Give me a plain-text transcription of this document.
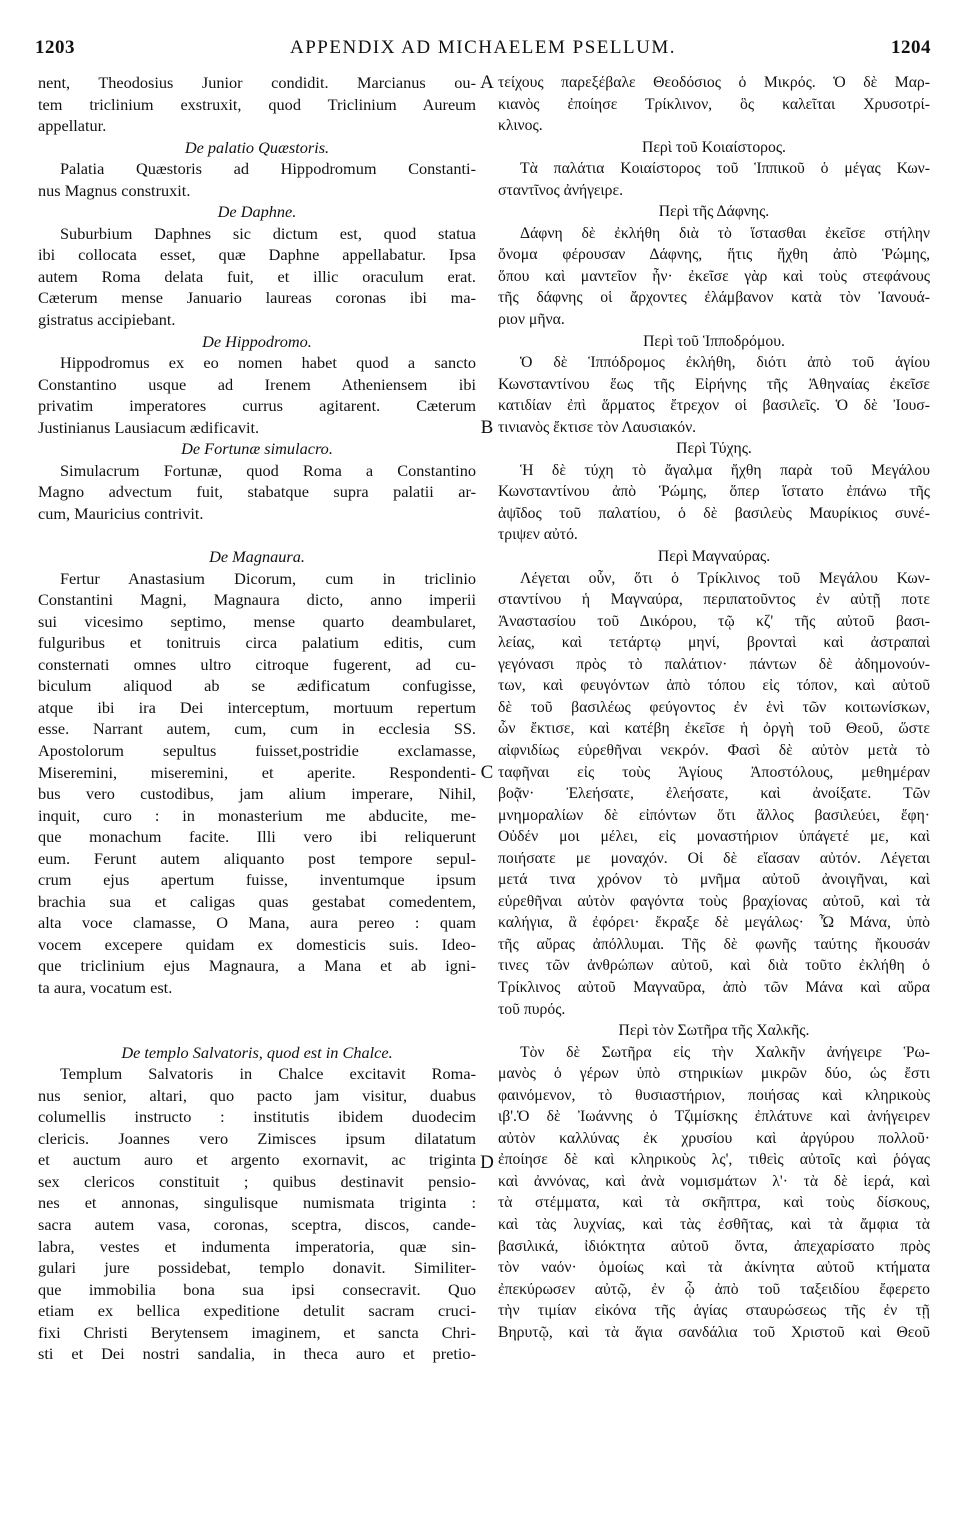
1203	APPENDIX AD MICHAELEM PSELLUM.	1204
A
B
C
D
nent, Theodosius Junior condidit. Marcianus ou-
tem triclinium exstruxit, quod Triclinium Aureum
appellatur.
De palatio Quæstoris.
Palatia Quæstoris ad Hippodromum Constanti-
nus Magnus construxit.
De Daphne.
Suburbium Daphnes sic dictum est, quod statua
ibi collocata esset, quæ Daphne appellabatur. Ipsa
autem Roma delata fuit, et illic oraculum erat.
Cæterum mense Januario laureas coronas ibi ma-
gistratus accipiebant.
De Hippodromo.
Hippodromus ex eo nomen habet quod a sancto
Constantino usque ad Irenem Atheniensem ibi
privatim imperatores currus agitarent. Cæterum
Justinianus Lausiacum ædificavit.
De Fortunæ simulacro.
Simulacrum Fortunæ, quod Roma a Constantino
Magno advectum fuit, stabatque supra palatii ar-
cum, Mauricius contrivit.
De Magnaura.
Fertur Anastasium Dicorum, cum in triclinio
Constantini Magni, Magnaura dicto, anno imperii
sui vicesimo septimo, mense quarto deambularet,
fulguribus et tonitruis circa palatium editis, cum
consternati omnes ultro citroque fugerent, ad cu-
biculum aliquod ab se ædificatum confugisse,
atque ibi ira Dei interceptum, mortuum repertum
esse. Narrant autem, cum, cum in ecclesia SS.
Apostolorum sepultus fuisset,postridie exclamasse,
Miseremini, miseremini, et aperite. Respondenti-
bus vero custodibus, jam alium imperare, Nihil,
inquit, curo : in monasterium me abducite, me-
que monachum facite. Illi vero ibi reliquerunt
eum. Ferunt autem aliquanto post tempore sepul-
crum ejus apertum fuisse, inventumque ipsum
brachia sua et caligas quas gestabat comedentem,
alta voce clamasse, O Mana, aura pereo : quam
vocem excepere quidam ex domesticis suis. Ideo-
que triclinium ejus Magnaura, a Mana et ab igni-
ta aura, vocatum est.
De templo Salvatoris, quod est in Chalce.
Templum Salvatoris in Chalce excitavit Roma-
nus senior, altari, quo pacto jam visitur, duabus
columellis instructo : institutis ibidem duodecim
clericis. Joannes vero Zimisces ipsum dilatatum
et auctum auro et argento exornavit, ac triginta
sex clericos constituit ; quibus destinavit pensio-
nes et annonas, singulisque numismata triginta :
sacra autem vasa, coronas, sceptra, discos, cande-
labra, vestes et indumenta imperatoria, quæ sin-
gulari jure possidebat, templo donavit. Similiter-
que immobilia bona sua ipsi consecravit. Quo
etiam ex bellica expeditione detulit sacram cruci-
fixi Christi Berytensem imaginem, et sancta Chri-
sti et Dei nostri sandalia, in theca auro et pretio-
τείχους παρεξέβαλε Θεοδόσιος ὁ Μικρός. Ὁ δὲ Μαρ-
κιανὸς ἐποίησε Τρίκλινον, ὃς καλεῖται Χρυσοτρί-
κλινος.
Περὶ τοῦ Κοιαίστορος.
Τὰ παλάτια Κοιαίστορος τοῦ Ἱππικοῦ ὁ μέγας Κων-
σταντῖνος ἀνήγειρε.
Περὶ τῆς Δάφνης.
Δάφνη δὲ ἐκλήθη διὰ τὸ ἵστασθαι ἐκεῖσε στήλην
ὄνομα φέρουσαν Δάφνης, ἥτις ἤχθη ἀπὸ Ῥώμης,
ὅπου καὶ μαντεῖον ἦν· ἐκεῖσε γὰρ καὶ τοὺς στεφάνους
τῆς δάφνης οἱ ἄρχοντες ἐλάμβανον κατὰ τὸν Ἰανουά-
ριον μῆνα.
Περὶ τοῦ Ἱπποδρόμου.
Ὁ δὲ Ἱππόδρομος ἐκλήθη, διότι ἀπὸ τοῦ ἁγίου
Κωνσταντίνου ἕως τῆς Εἰρήνης τῆς Ἀθηναίας ἐκεῖσε
κατιδίαν ἐπὶ ἅρματος ἔτρεχον οἱ βασιλεῖς. Ὁ δὲ Ἰουσ-
τινιανὸς ἔκτισε τὸν Λαυσιακόν.
Περὶ Τύχης.
Ἡ δὲ τύχη τὸ ἄγαλμα ἤχθη παρὰ τοῦ Μεγάλου
Κωνσταντίνου ἀπὸ Ῥώμης, ὅπερ ἵστατο ἐπάνω τῆς
ἀψῖδος τοῦ παλατίου, ὁ δὲ βασιλεὺς Μαυρίκιος συνέ-
τριψεν αὐτό.
Περὶ Μαγναύρας.
Λέγεται οὖν, ὅτι ὁ Τρίκλινος τοῦ Μεγάλου Κων-
σταντίνου ἡ Μαγναύρα, περιπατοῦντος ἐν αὐτῇ ποτε
Ἀναστασίου τοῦ Δικόρου, τῷ κζ' τῆς αὐτοῦ βασι-
λείας, καὶ τετάρτῳ μηνί, βρονταὶ καὶ ἀστραπαὶ
γεγόνασι πρὸς τὸ παλάτιον· πάντων δὲ ἀδημονούν-
των, καὶ φευγόντων ἀπὸ τόπου εἰς τόπον, καὶ αὐτοῦ
δὲ τοῦ βασιλέως φεύγοντος ἐν ἑνὶ τῶν κοιτωνίσκων,
ὧν ἔκτισε, καὶ κατέβη ἐκεῖσε ἡ ὀργὴ τοῦ Θεοῦ, ὥστε
αἰφνιδίως εὑρεθῆναι νεκρόν. Φασὶ δὲ αὐτὸν μετὰ τὸ
ταφῆναι εἰς τοὺς Ἁγίους Ἀποστόλους, μεθημέραν
βοᾷν· Ἐλεήσατε, ἐλεήσατε, καὶ ἀνοίξατε. Τῶν
μνημοραλίων δὲ εἰπόντων ὅτι ἄλλος βασιλεύει, ἔφη·
Οὐδέν μοι μέλει, εἰς μοναστήριον ὑπάγετέ με, καὶ
ποιήσατε με μοναχόν. Οἱ δὲ εἴασαν αὐτόν. Λέγεται
μετά τινα χρόνον τὸ μνῆμα αὐτοῦ ἀνοιγῆναι, καὶ
εὑρεθῆναι αὐτὸν φαγόντα τοὺς βραχίονας αὐτοῦ, καὶ τὰ
καλήγια, ἃ ἐφόρει· ἔκραξε δὲ μεγάλως· Ὦ Μάνα, ὑπὸ
τῆς αὔρας ἀπόλλυμαι. Τῆς δὲ φωνῆς ταύτης ἤκουσάν
τινες τῶν ἀνθρώπων αὐτοῦ, καὶ διὰ τοῦτο ἐκλήθη ὁ
Τρίκλινος αὐτοῦ Μαγναῦρα, ἀπὸ τῶν Μάνα καὶ αὔρα
τοῦ πυρός.
Περὶ τὸν Σωτῆρα τῆς Χαλκῆς.
Τὸν δὲ Σωτῆρα εἰς τὴν Χαλκῆν ἀνήγειρε Ῥω-
μανὸς ὁ γέρων ὑπὸ στηρικίων μικρῶν δύο, ὡς ἔστι
φαινόμενον, τὸ θυσιαστήριον, ποιήσας καὶ κληρικοὺς
ιβ'.Ὁ δὲ Ἰωάννης ὁ Τζιμίσκης ἐπλάτυνε καὶ ἀνήγειρεν
αὐτὸν καλλύνας ἐκ χρυσίου καὶ ἀργύρου πολλοῦ·
ἐποίησε δὲ καὶ κληρικοὺς λς', τιθεὶς αὐτοῖς καὶ ῥόγας
καὶ ἀννόνας, καὶ ἀνὰ νομισμάτων λ'· τὰ δὲ ἱερά, καὶ
τὰ στέμματα, καὶ τὰ σκῆπτρα, καὶ τοὺς δίσκους,
καὶ τὰς λυχνίας, καὶ τὰς ἐσθῆτας, καὶ τὰ ἄμφια τὰ
βασιλικά, ἰδιόκτητα αὐτοῦ ὄντα, ἀπεχαρίσατο πρὸς
τὸν ναόν· ὁμοίως καὶ τὰ ἀκίνητα αὐτοῦ κτήματα
ἐπεκύρωσεν αὐτῷ, ἐν ᾧ ἀπὸ τοῦ ταξειδίου ἔφερετο
τὴν τιμίαν εἰκόνα τῆς ἁγίας σταυρώσεως τῆς ἐν τῇ
Βηρυτῷ, καὶ τὰ ἅγια σανδάλια τοῦ Χριστοῦ καὶ Θεοῦ
